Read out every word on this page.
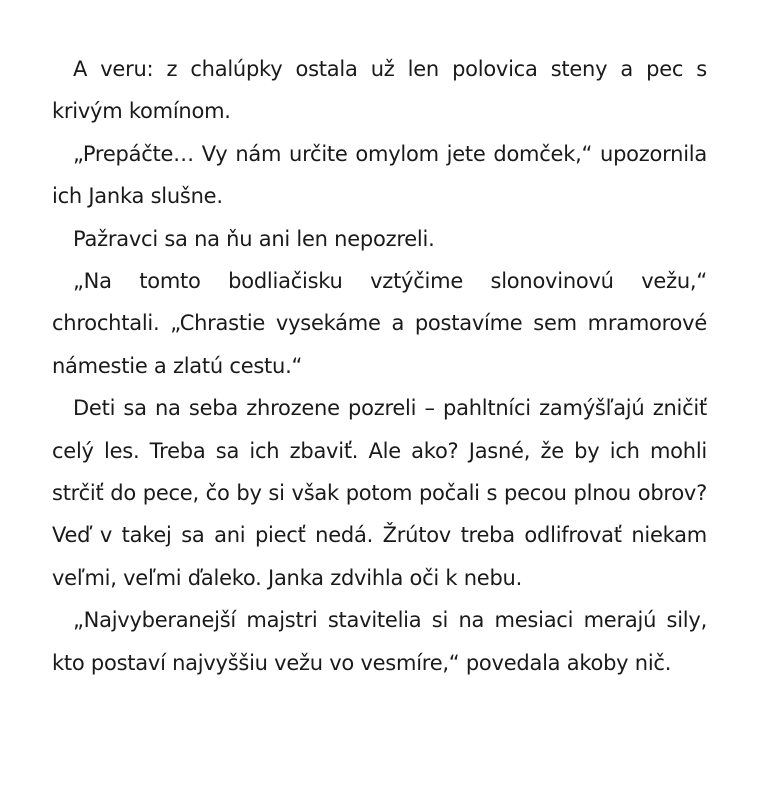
A veru: z chalúpky ostala už len polovica steny a pec s krivým komínom.

„Prepáčte… Vy nám určite omylom jete domček,“ upozornila ich Janka slušne.

Pažravci sa na ňu ani len nepozreli.

„Na tomto bodliačisku vztýčime slonovinovú vežu,“ chrochtali. „Chrastie vysekáme a postavíme sem mramorové námestie a zlatú cestu.“

Deti sa na seba zhrozene pozreli – pahltníci zamýšľajú zničiť celý les. Treba sa ich zbaviť. Ale ako? Jasné, že by ich mohli strčiť do pece, čo by si však potom počali s pecou plnou obrov? Veď v takej sa ani piecť nedá. Žrútov treba odlifrovať niekam veľmi, veľmi ďaleko. Janka zdvihla oči k nebu.

„Najvyberanejší majstri stavitelia si na mesiaci merajú sily, kto postaví najvyššiu vežu vo vesmíre,“ povedala akoby nič.
